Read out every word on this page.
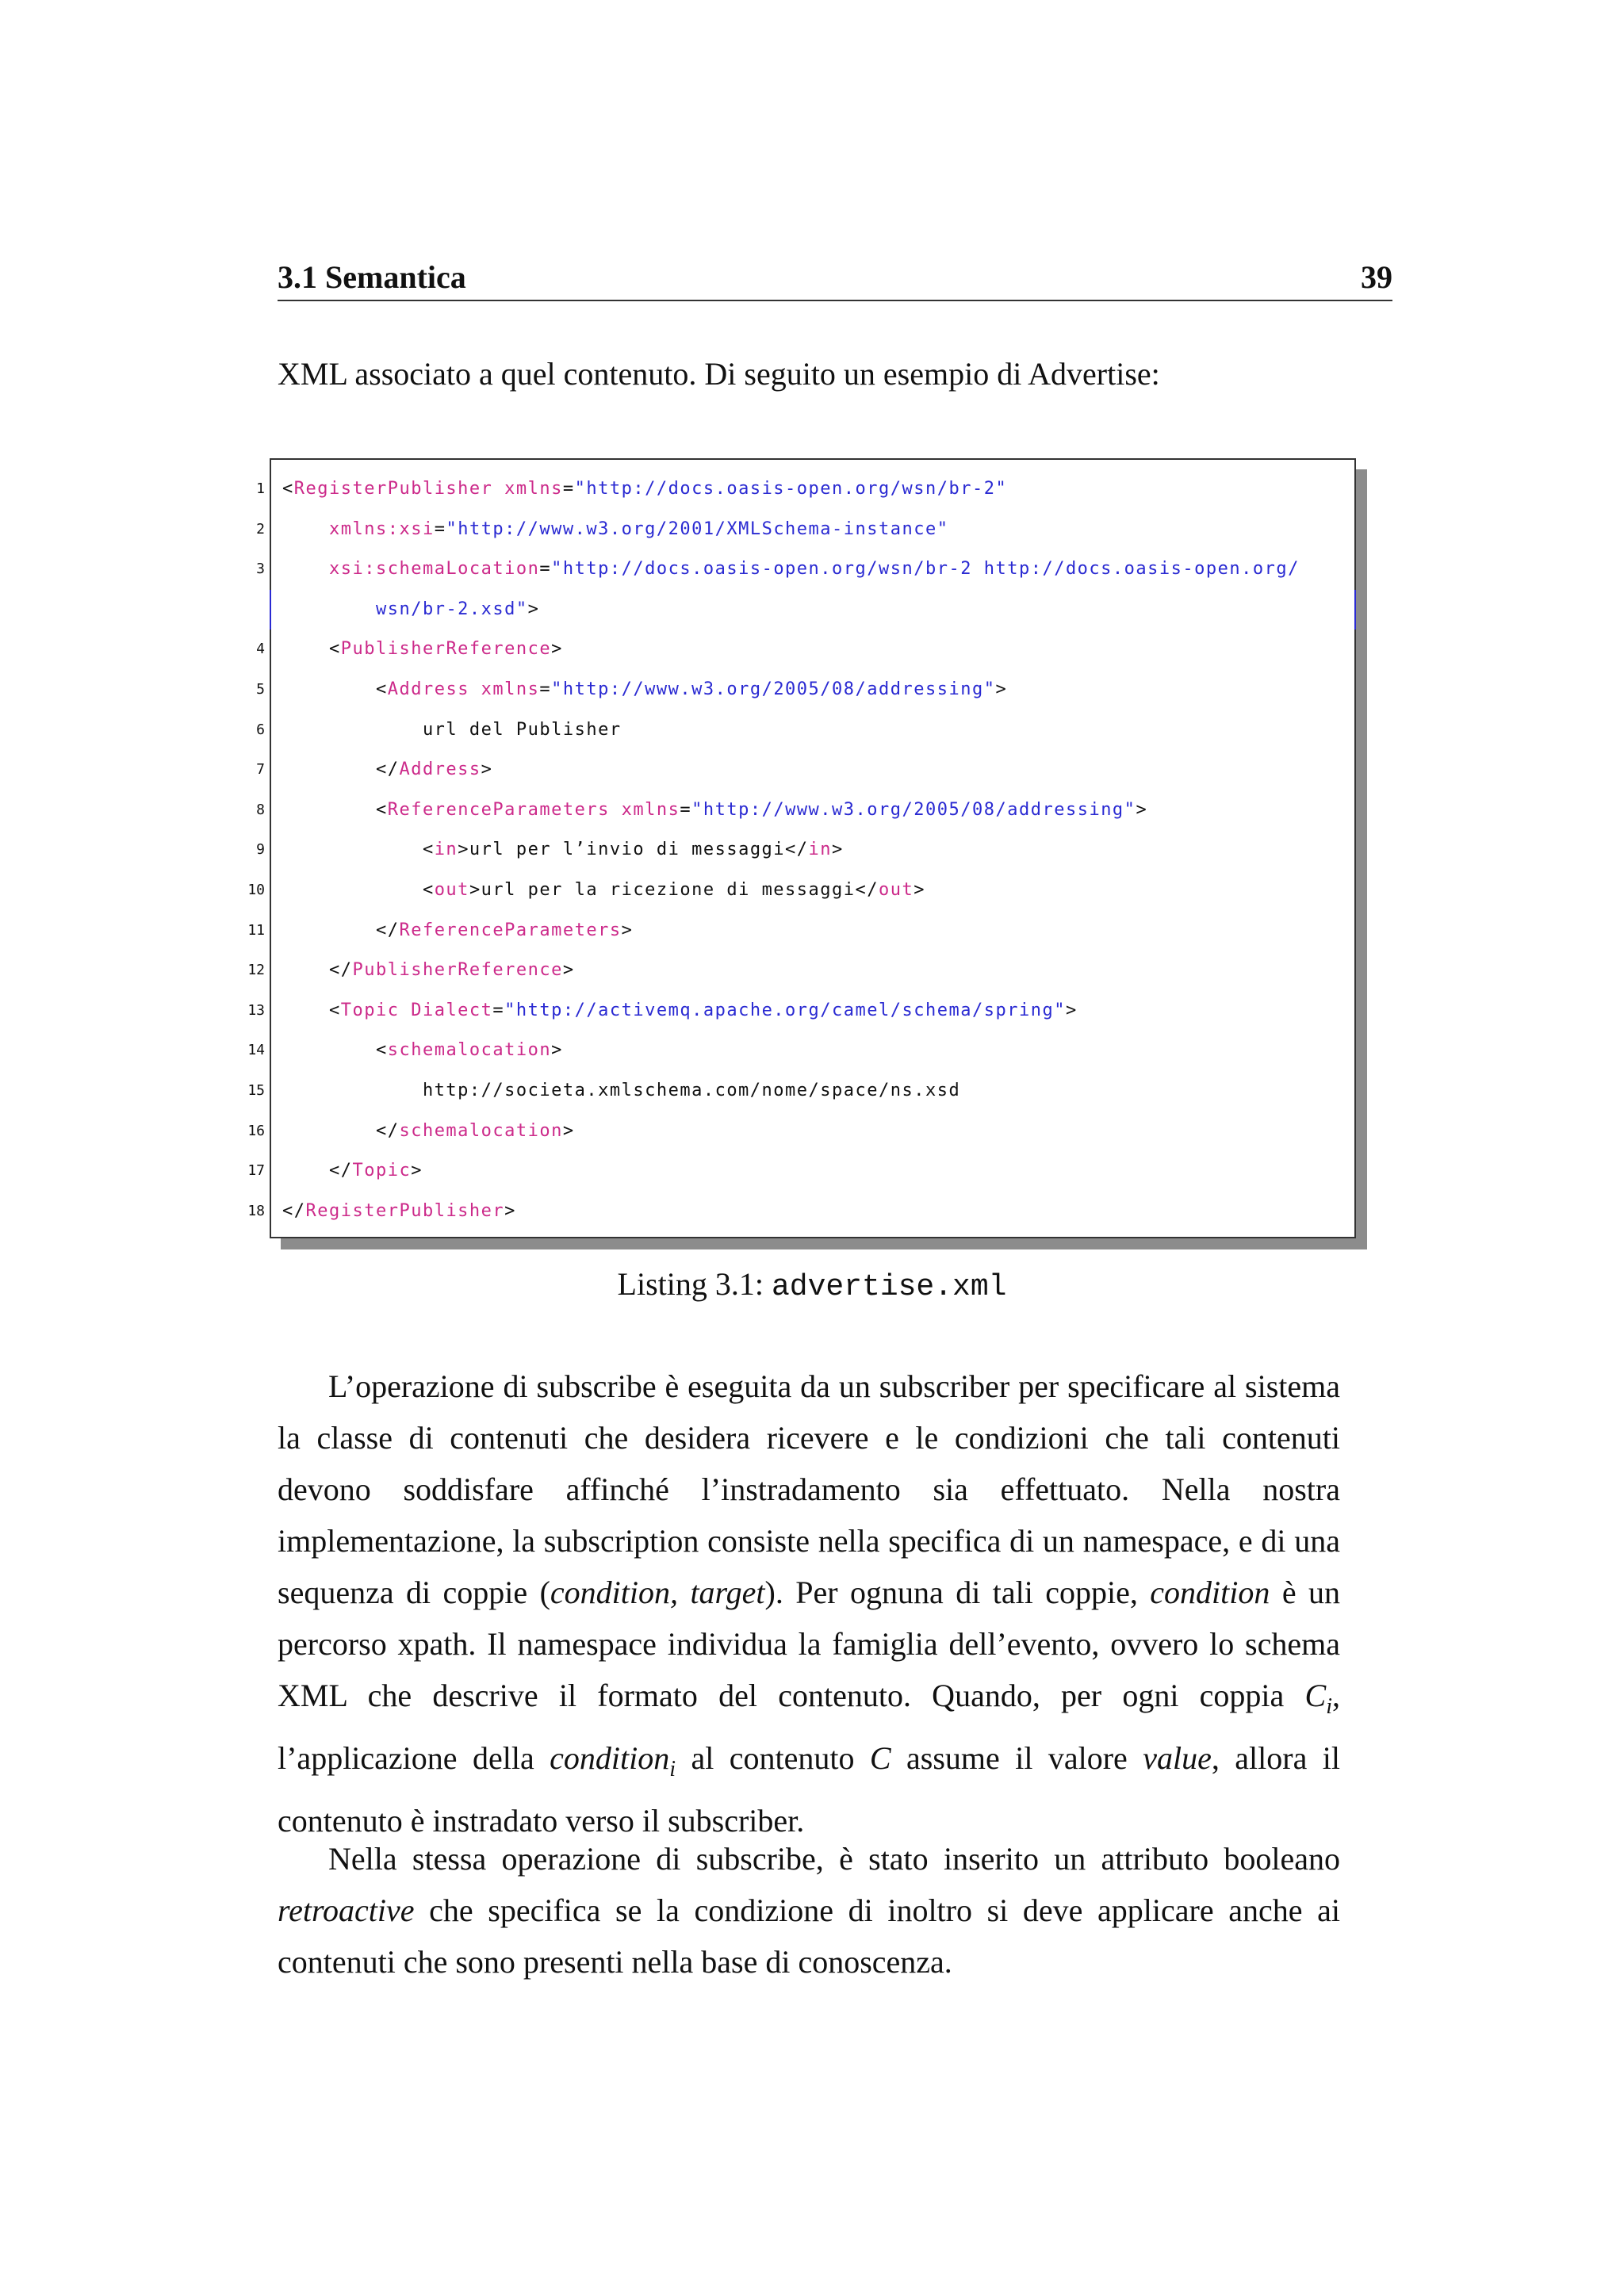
3.1 Semantica	39
XML associato a quel contenuto. Di seguito un esempio di Advertise:
1 <RegisterPublisher xmlns="http://docs.oasis-open.org/wsn/br-2"
2	xmlns:xsi="http://www.w3.org/2001/XMLSchema-instance"
3	xsi:schemaLocation="http://docs.oasis-open.org/wsn/br-2 http://docs.oasis-open.org/
wsn/br-2.xsd">
4 <PublisherReference>
5 <Address xmlns="http://www.w3.org/2005/08/addressing">
6 url del Publisher
7 </Address>
8 <ReferenceParameters xmlns="http://www.w3.org/2005/08/addressing">
9 <in>url per l’invio di messaggi</in>
10 <out>url per la ricezione di messaggi</out>
11 </ReferenceParameters>
12 </PublisherReference>
13 <Topic Dialect="http://activemq.apache.org/camel/schema/spring">
14 <schemalocation>
15 http://societa.xmlschema.com/nome/space/ns.xsd
16 </schemalocation>
17 </Topic>
18 </RegisterPublisher>
Listing 3.1: advertise.xml

L’operazione di subscribe è eseguita da un subscriber per specificare al sistema la classe di contenuti che desidera ricevere e le condizioni che tali contenuti devono soddisfare affinché l’instradamento sia effettuato. Nella nostra implementazione, la subscription consiste nella specifica di un namespace, e di una sequenza di coppie (condition, target). Per ognuna di tali coppie, condition è un percorso xpath. Il namespace individua la famiglia dell’evento, ovvero lo schema XML che descrive il formato del contenuto. Quando, per ogni coppia $C_i$, l’applicazione della condition$_i$ al contenuto C assume il valore value, allora il contenuto è instradato verso il subscriber.

Nella stessa operazione di subscribe, è stato inserito un attributo booleano retroactive che specifica se la condizione di inoltro si deve applicare anche ai contenuti che sono presenti nella base di conoscenza.
